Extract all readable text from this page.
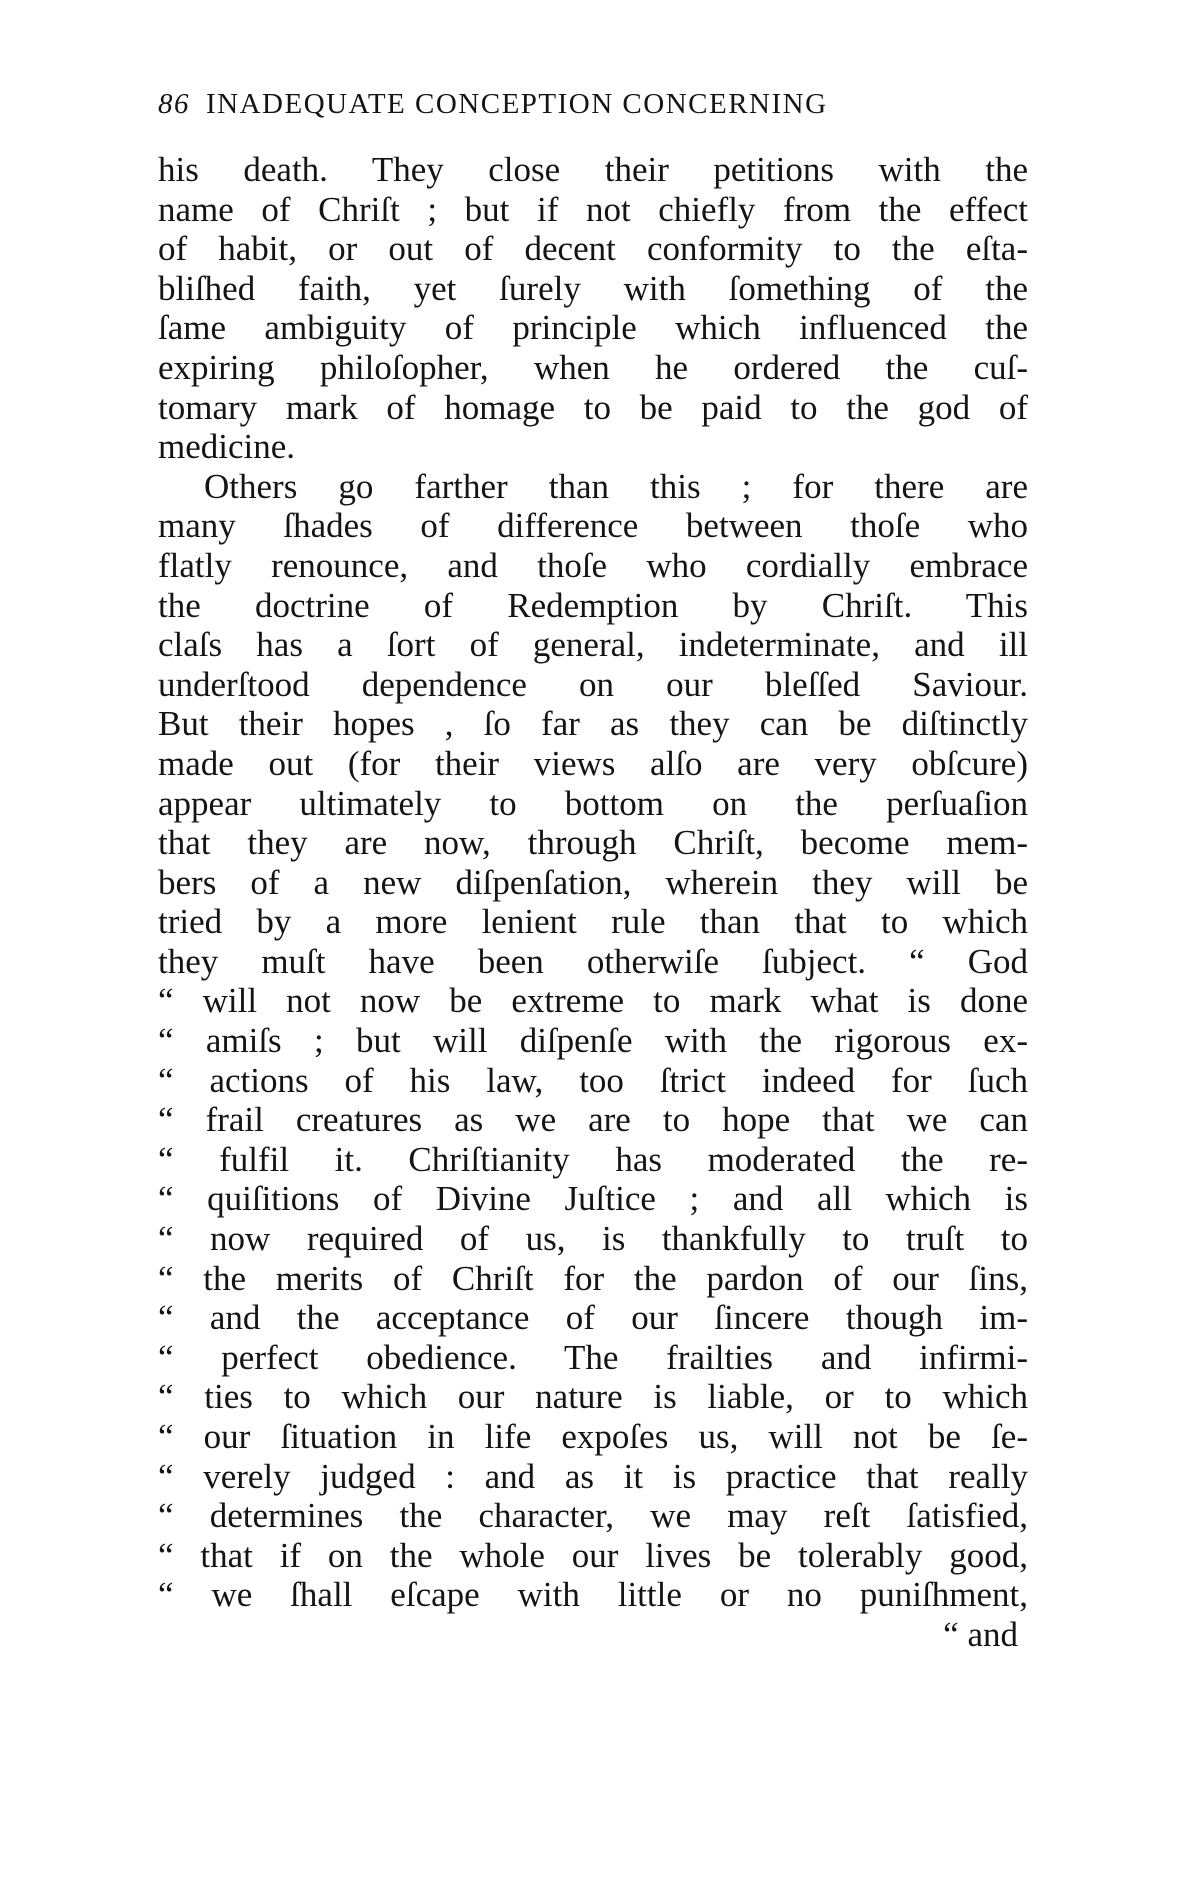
86 INADEQUATE CONCEPTION CONCERNING
his death. They close their petitions with the
name of Chriſt ; but if not chiefly from the effect
of habit, or out of decent conformity to the eſta-
bliſhed faith, yet ſurely with ſomething of the
ſame ambiguity of principle which influenced the
expiring philoſopher, when he ordered the cuſ-
tomary mark of homage to be paid to the god of
medicine.
Others go farther than this ; for there are
many ſhades of difference between thoſe who
flatly renounce, and thoſe who cordially embrace
the doctrine of Redemption by Chriſt. This
claſs has a ſort of general, indeterminate, and ill
underſtood dependence on our bleſſed Saviour.
But their hopes , ſo far as they can be diſtinctly
made out (for their views alſo are very obſcure)
appear ultimately to bottom on the perſuaſion
that they are now, through Chriſt, become mem-
bers of a new diſpenſation, wherein they will be
tried by a more lenient rule than that to which
they muſt have been otherwiſe ſubject. “ God
“ will not now be extreme to mark what is done
“ amiſs ; but will diſpenſe with the rigorous ex-
“ actions of his law, too ſtrict indeed for ſuch
“ frail creatures as we are to hope that we can
“ fulfil it. Chriſtianity has moderated the re-
“ quiſitions of Divine Juſtice ; and all which is
“ now required of us, is thankfully to truſt to
“ the merits of Chriſt for the pardon of our ſins,
“ and the acceptance of our ſincere though im-
“ perfect obedience. The frailties and infirmi-
“ ties to which our nature is liable, or to which
“ our ſituation in life expoſes us, will not be ſe-
“ verely judged : and as it is practice that really
“ determines the character, we may reſt ſatisfied,
“ that if on the whole our lives be tolerably good,
“ we ſhall eſcape with little or no puniſhment,
“ and
